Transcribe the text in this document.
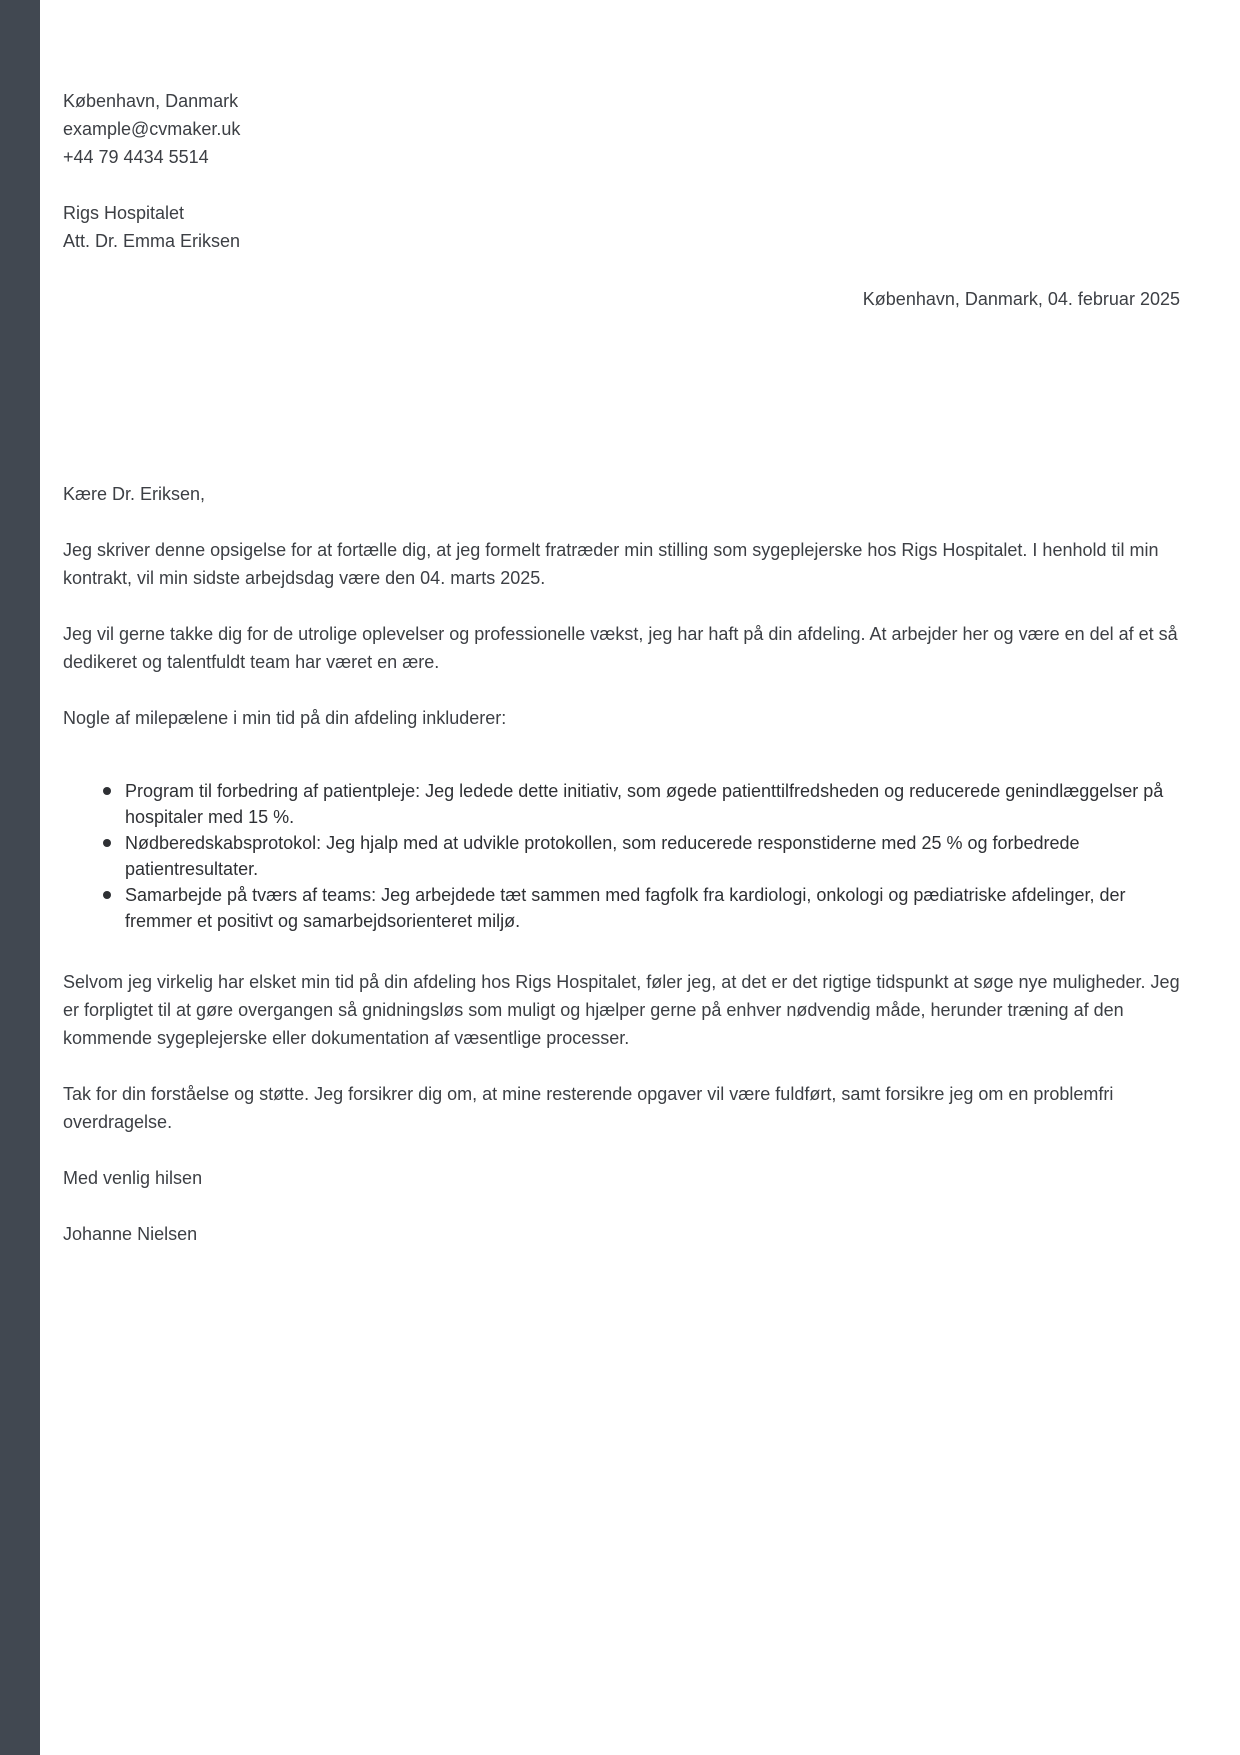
København, Danmark
example@cvmaker.uk
+44 79 4434 5514
Rigs Hospitalet
Att. Dr. Emma Eriksen
København, Danmark, 04. februar 2025

Kære Dr. Eriksen,

Jeg skriver denne opsigelse for at fortælle dig, at jeg formelt fratræder min stilling som sygeplejerske hos Rigs Hospitalet. I henhold til min kontrakt, vil min sidste arbejdsdag være den 04. marts 2025.

Jeg vil gerne takke dig for de utrolige oplevelser og professionelle vækst, jeg har haft på din afdeling. At arbejder her og være en del af et så dedikeret og talentfuldt team har været en ære.

Nogle af milepælene i min tid på din afdeling inkluderer:

Program til forbedring af patientpleje: Jeg ledede dette initiativ, som øgede patienttilfredsheden og reducerede genindlæggelser på hospitaler med 15 %.
Nødberedskabsprotokol: Jeg hjalp med at udvikle protokollen, som reducerede responstiderne med 25 % og forbedrede patientresultater.
Samarbejde på tværs af teams: Jeg arbejdede tæt sammen med fagfolk fra kardiologi, onkologi og pædiatriske afdelinger, der fremmer et positivt og samarbejdsorienteret miljø.

Selvom jeg virkelig har elsket min tid på din afdeling hos Rigs Hospitalet, føler jeg, at det er det rigtige tidspunkt at søge nye muligheder. Jeg er forpligtet til at gøre overgangen så gnidningsløs som muligt og hjælper gerne på enhver nødvendig måde, herunder træning af den kommende sygeplejerske eller dokumentation af væsentlige processer.

Tak for din forståelse og støtte. Jeg forsikrer dig om, at mine resterende opgaver vil være fuldført, samt forsikre jeg om en problemfri overdragelse.

Med venlig hilsen

Johanne Nielsen
